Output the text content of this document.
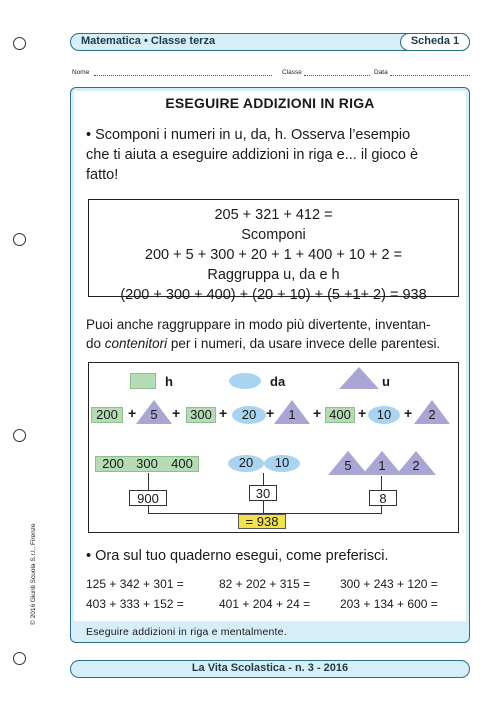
Matematica • Classe terza	Scheda 1
Nome	Classe	Data
ESEGUIRE ADDIZIONI IN RIGA
• Scomponi i numeri in u, da, h. Osserva l’esempio
che ti aiuta a eseguire addizioni in riga e... il gioco è
fatto!
205 + 321 + 412 =
Scomponi
200 + 5 + 300 + 20 + 1 + 400 + 10 + 2 =
Raggruppa u, da e h
(200 + 300 + 400) + (20 + 10) + (5 +1+ 2) = 938
Puoi anche raggruppare in modo più divertente, inventan-
do contenitori per i numeri, da usare invece delle parentesi.
h	da	u
200 +	5	+ 300 +	20 +	1	+ 400 + 10 +	2
200 300	400	20	10	5	1	2
900	30	8
= 938
• Ora sul tuo quaderno esegui, come preferisci.
125 + 342 + 301 =	82 + 202 + 315 = 300 + 243 + 120 =
403 + 333 + 152 =	401 + 204 + 24 = 203 + 134 + 600 =
Eseguire addizioni in riga e mentalmente.
© 2016 Giunti Scuola S.r.l., Firenze
La Vita Scolastica - n. 3 - 2016
